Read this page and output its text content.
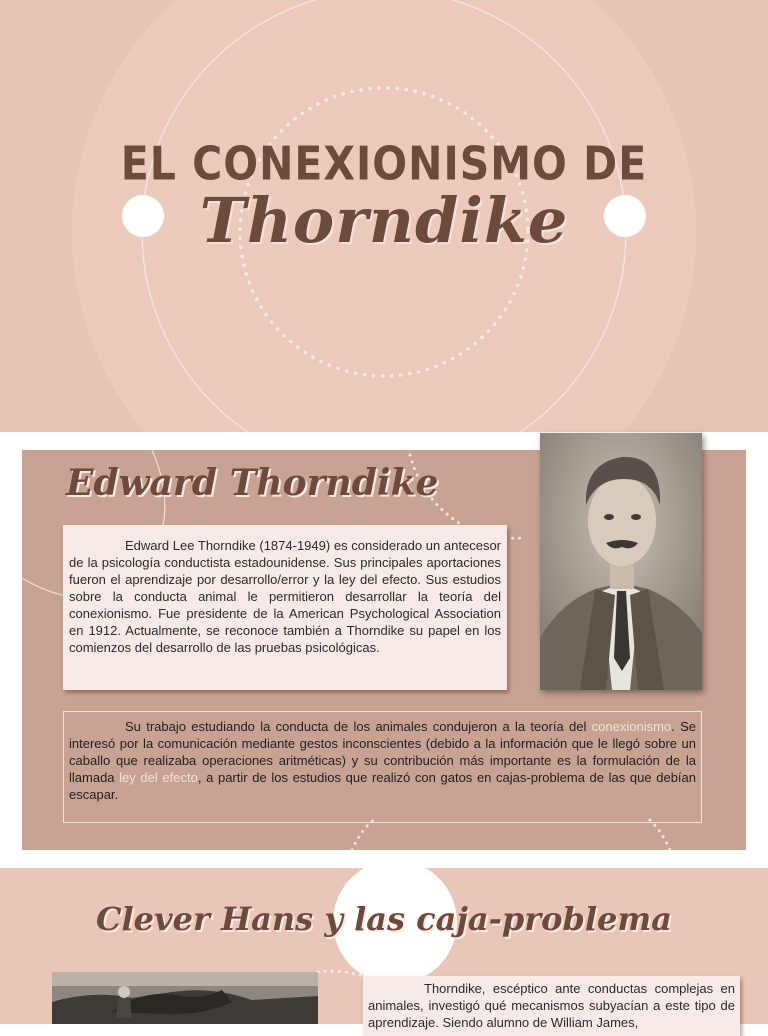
EL CONEXIONISMO DE
Thorndike
Edward Thorndike

Edward Lee Thorndike (1874-1949) es considerado un antecesor de la psicología conductista estadounidense. Sus principales aportaciones fueron el aprendizaje por desarrollo/error y la ley del efecto. Sus estudios sobre la conducta animal le permitieron desarrollar la teoría del conexionismo. Fue presidente de la American Psychological Association en 1912. Actualmente, se reconoce también a Thorndike su papel en los comienzos del desarrollo de las pruebas psicológicas.

Su trabajo estudiando la conducta de los animales condujeron a la teoría del conexionismo. Se interesó por la comunicación mediante gestos inconscientes (debido a la información que le llegó sobre un caballo que realizaba operaciones aritméticas) y su contribución más importante es la formulación de la llamada ley del efecto, a partir de los estudios que realizó con gatos en cajas-problema de las que debían escapar.

Clever Hans y las caja-problema

Thorndike, escéptico ante conductas complejas en animales, investigó qué mecanismos subyacían a este tipo de aprendizaje. Siendo alumno de William James,
